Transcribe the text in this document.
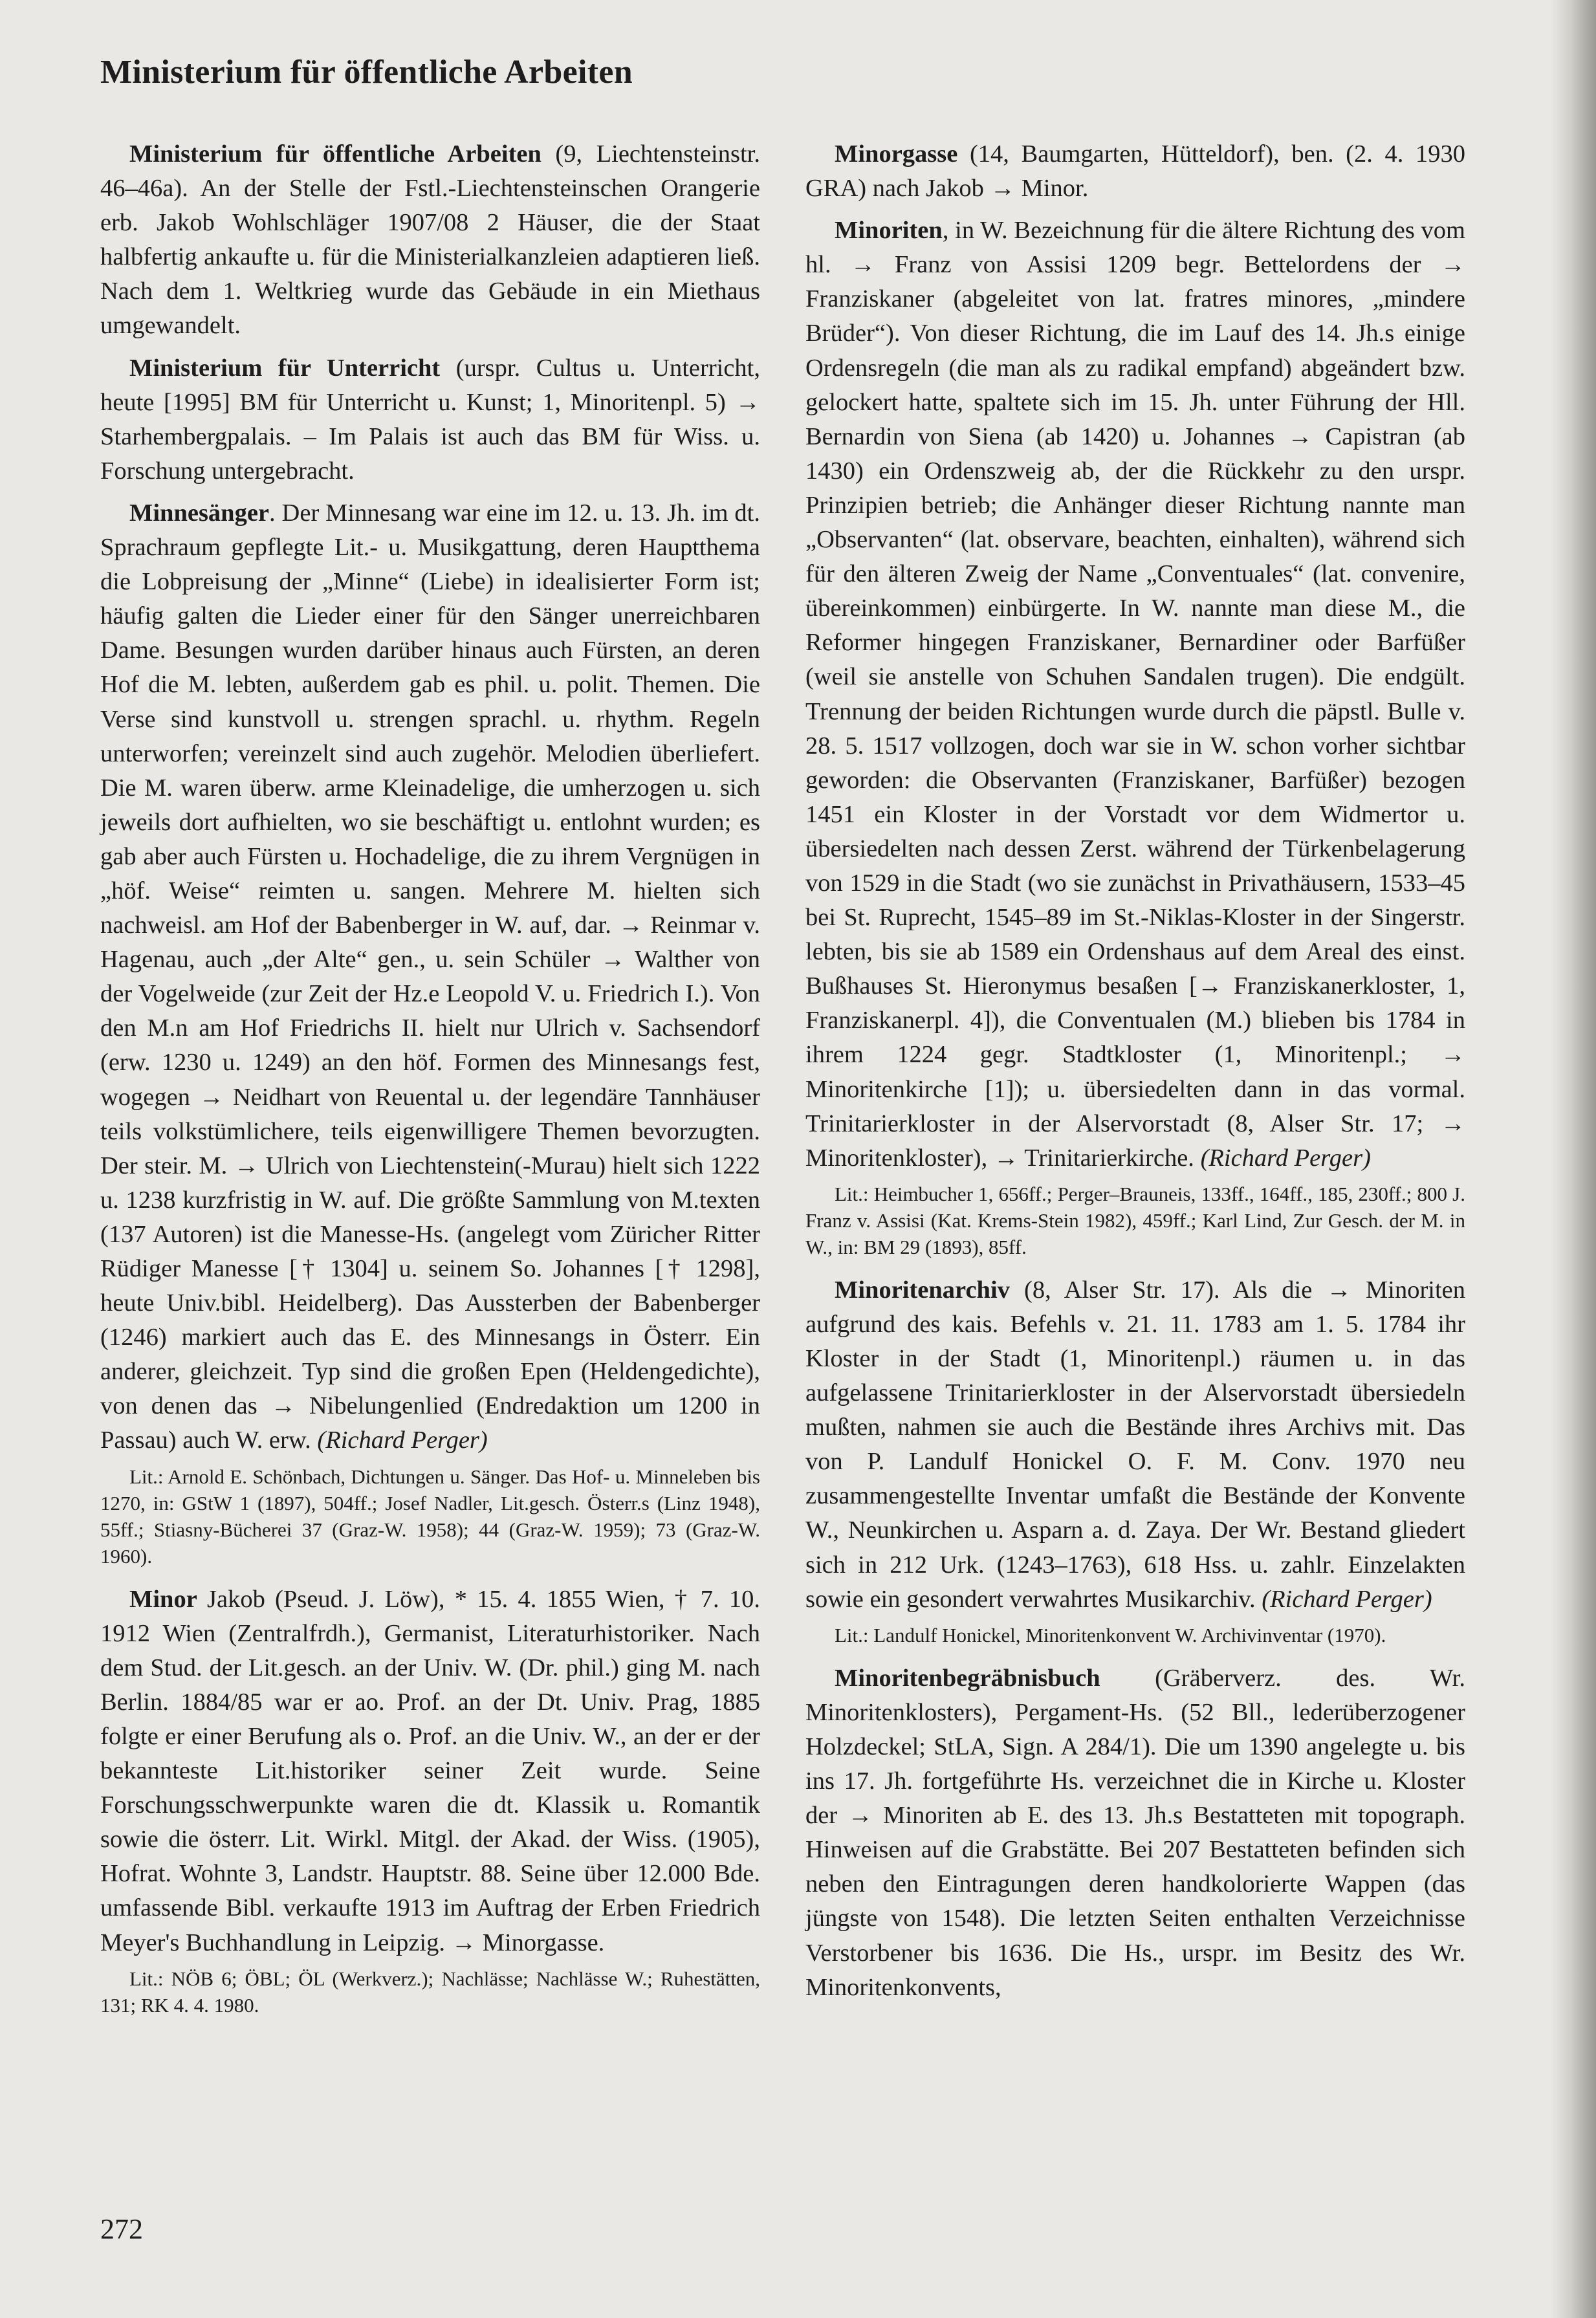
Ministerium für öffentliche Arbeiten

Ministerium für öffentliche Arbeiten (9, Liechtensteinstr. 46–46a). An der Stelle der Fstl.-Liechtensteinschen Orangerie erb. Jakob Wohlschläger 1907/08 2 Häuser, die der Staat halbfertig ankaufte u. für die Ministerialkanzleien adaptieren ließ. Nach dem 1. Weltkrieg wurde das Gebäude in ein Miethaus umgewandelt.

Ministerium für Unterricht (urspr. Cultus u. Unterricht, heute [1995] BM für Unterricht u. Kunst; 1, Minoritenpl. 5) → Starhembergpalais. – Im Palais ist auch das BM für Wiss. u. Forschung untergebracht.

Minnesänger. Der Minnesang war eine im 12. u. 13. Jh. im dt. Sprachraum gepflegte Lit.- u. Musikgattung, deren Hauptthema die Lobpreisung der „Minne“ (Liebe) in idealisierter Form ist; häufig galten die Lieder einer für den Sänger unerreichbaren Dame. Besungen wurden darüber hinaus auch Fürsten, an deren Hof die M. lebten, außerdem gab es phil. u. polit. Themen. Die Verse sind kunstvoll u. strengen sprachl. u. rhythm. Regeln unterworfen; vereinzelt sind auch zugehör. Melodien überliefert. Die M. waren überw. arme Kleinadelige, die umherzogen u. sich jeweils dort aufhielten, wo sie beschäftigt u. entlohnt wurden; es gab aber auch Fürsten u. Hochadelige, die zu ihrem Vergnügen in „höf. Weise“ reimten u. sangen. Mehrere M. hielten sich nachweisl. am Hof der Babenberger in W. auf, dar. → Reinmar v. Hagenau, auch „der Alte“ gen., u. sein Schüler → Walther von der Vogelweide (zur Zeit der Hz.e Leopold V. u. Friedrich I.). Von den M.n am Hof Friedrichs II. hielt nur Ulrich v. Sachsendorf (erw. 1230 u. 1249) an den höf. Formen des Minnesangs fest, wogegen → Neidhart von Reuental u. der legendäre Tannhäuser teils volkstümlichere, teils eigenwilligere Themen bevorzugten. Der steir. M. → Ulrich von Liechtenstein(-Murau) hielt sich 1222 u. 1238 kurzfristig in W. auf. Die größte Sammlung von M.texten (137 Autoren) ist die Manesse-Hs. (angelegt vom Züricher Ritter Rüdiger Manesse [† 1304] u. seinem So. Johannes [† 1298], heute Univ.bibl. Heidelberg). Das Aussterben der Babenberger (1246) markiert auch das E. des Minnesangs in Österr. Ein anderer, gleichzeit. Typ sind die großen Epen (Heldengedichte), von denen das → Nibelungenlied (Endredaktion um 1200 in Passau) auch W. erw. (Richard Perger)

Lit.: Arnold E. Schönbach, Dichtungen u. Sänger. Das Hof- u. Minneleben bis 1270, in: GStW 1 (1897), 504ff.; Josef Nadler, Lit.gesch. Österr.s (Linz 1948), 55ff.; Stiasny-Bücherei 37 (Graz-W. 1958); 44 (Graz-W. 1959); 73 (Graz-W. 1960).

Minor Jakob (Pseud. J. Löw), * 15. 4. 1855 Wien, † 7. 10. 1912 Wien (Zentralfrdh.), Germanist, Literaturhistoriker. Nach dem Stud. der Lit.gesch. an der Univ. W. (Dr. phil.) ging M. nach Berlin. 1884/85 war er ao. Prof. an der Dt. Univ. Prag, 1885 folgte er einer Berufung als o. Prof. an die Univ. W., an der er der bekannteste Lit.historiker seiner Zeit wurde. Seine Forschungsschwerpunkte waren die dt. Klassik u. Romantik sowie die österr. Lit. Wirkl. Mitgl. der Akad. der Wiss. (1905), Hofrat. Wohnte 3, Landstr. Hauptstr. 88. Seine über 12.000 Bde. umfassende Bibl. verkaufte 1913 im Auftrag der Erben Friedrich Meyer's Buchhandlung in Leipzig. → Minorgasse.

Lit.: NÖB 6; ÖBL; ÖL (Werkverz.); Nachlässe; Nachlässe W.; Ruhestätten, 131; RK 4. 4. 1980.

Minorgasse (14, Baumgarten, Hütteldorf), ben. (2. 4. 1930 GRA) nach Jakob → Minor.

Minoriten, in W. Bezeichnung für die ältere Richtung des vom hl. → Franz von Assisi 1209 begr. Bettelordens der → Franziskaner (abgeleitet von lat. fratres minores, „mindere Brüder“). Von dieser Richtung, die im Lauf des 14. Jh.s einige Ordensregeln (die man als zu radikal empfand) abgeändert bzw. gelockert hatte, spaltete sich im 15. Jh. unter Führung der Hll. Bernardin von Siena (ab 1420) u. Johannes → Capistran (ab 1430) ein Ordenszweig ab, der die Rückkehr zu den urspr. Prinzipien betrieb; die Anhänger dieser Richtung nannte man „Observanten“ (lat. observare, beachten, einhalten), während sich für den älteren Zweig der Name „Conventuales“ (lat. convenire, übereinkommen) einbürgerte. In W. nannte man diese M., die Reformer hingegen Franziskaner, Bernardiner oder Barfüßer (weil sie anstelle von Schuhen Sandalen trugen). Die endgült. Trennung der beiden Richtungen wurde durch die päpstl. Bulle v. 28. 5. 1517 vollzogen, doch war sie in W. schon vorher sichtbar geworden: die Observanten (Franziskaner, Barfüßer) bezogen 1451 ein Kloster in der Vorstadt vor dem Widmertor u. übersiedelten nach dessen Zerst. während der Türkenbelagerung von 1529 in die Stadt (wo sie zunächst in Privathäusern, 1533–45 bei St. Ruprecht, 1545–89 im St.-Niklas-Kloster in der Singerstr. lebten, bis sie ab 1589 ein Ordenshaus auf dem Areal des einst. Bußhauses St. Hieronymus besaßen [→ Franziskanerkloster, 1, Franziskanerpl. 4]), die Conventualen (M.) blieben bis 1784 in ihrem 1224 gegr. Stadtkloster (1, Minoritenpl.; → Minoritenkirche [1]); u. übersiedelten dann in das vormal. Trinitarierkloster in der Alservorstadt (8, Alser Str. 17; → Minoritenkloster), → Trinitarierkirche. (Richard Perger)

Lit.: Heimbucher 1, 656ff.; Perger–Brauneis, 133ff., 164ff., 185, 230ff.; 800 J. Franz v. Assisi (Kat. Krems-Stein 1982), 459ff.; Karl Lind, Zur Gesch. der M. in W., in: BM 29 (1893), 85ff.

Minoritenarchiv (8, Alser Str. 17). Als die → Minoriten aufgrund des kais. Befehls v. 21. 11. 1783 am 1. 5. 1784 ihr Kloster in der Stadt (1, Minoritenpl.) räumen u. in das aufgelassene Trinitarierkloster in der Alservorstadt übersiedeln mußten, nahmen sie auch die Bestände ihres Archivs mit. Das von P. Landulf Honickel O. F. M. Conv. 1970 neu zusammengestellte Inventar umfaßt die Bestände der Konvente W., Neunkirchen u. Asparn a. d. Zaya. Der Wr. Bestand gliedert sich in 212 Urk. (1243–1763), 618 Hss. u. zahlr. Einzelakten sowie ein gesondert verwahrtes Musikarchiv. (Richard Perger)

Lit.: Landulf Honickel, Minoritenkonvent W. Archivinventar (1970).

Minoritenbegräbnisbuch (Gräberverz. des. Wr. Minoritenklosters), Pergament-Hs. (52 Bll., lederüberzogener Holzdeckel; StLA, Sign. A 284/1). Die um 1390 angelegte u. bis ins 17. Jh. fortgeführte Hs. verzeichnet die in Kirche u. Kloster der → Minoriten ab E. des 13. Jh.s Bestatteten mit topograph. Hinweisen auf die Grabstätte. Bei 207 Bestatteten befinden sich neben den Eintragungen deren handkolorierte Wappen (das jüngste von 1548). Die letzten Seiten enthalten Verzeichnisse Verstorbener bis 1636. Die Hs., urspr. im Besitz des Wr. Minoritenkonvents,

272
